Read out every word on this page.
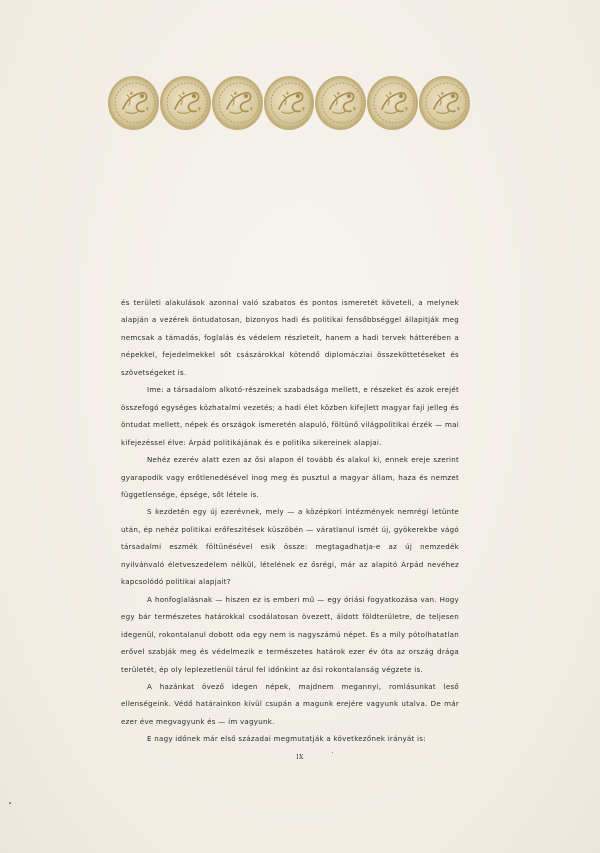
és területi alakulások azonnal való szabatos és pontos ismeretét követeli, a melynek alapján a vezérek öntudatosan, bizonyos hadi és politikai fensőbbséggel állapitják meg nemcsak a támadás, foglalás és védelem részleteit, hanem a hadi tervek hátterében a népekkel, fejedelmekkel sőt császárokkal kötendő diplomácziai összeköttetéseket és szövetségeket is.

Ime: a társadalom alkotó-részeinek szabadsága mellett, e részeket és azok erejét összefogó egységes közhatalmi vezetés; a hadi élet közben kifejlett magyar faji jelleg és öntudat mellett, népek és országok ismeretén alapuló, föltünő világpolitikai érzék — mai kifejezéssel élve: Árpád politikájának és e politika sikereinek alapjai.

Nehéz ezerév alatt ezen az ősi alapon él tovább és alakul ki, ennek ereje szerint gyarapodik vagy erőtlenedésével inog meg és pusztul a magyar állam, haza és nemzet függetlensége, épsége, sőt létele is.

S kezdetén egy új ezerévnek, mely — a középkori intézmények nemrégi letünte után, ép nehéz politikai erőfeszitések küszöbén — váratlanul ismét új, gyökerekbe vágó társadalmi eszmék föltünésével esik össze: megtagadhatja-e az új nemzedék nyilvánvaló életveszedelem nélkül, lételének ez ősrégi, már az alapitó Árpád nevéhez kapcsolódó politikai alapjait?

A honfoglalásnak — hiszen ez is emberi mű — egy óriási fogyatkozása van. Hogy egy bár természetes határokkal csodálatosan övezett, áldott földterületre, de teljesen idegenül, rokontalanul dobott oda egy nem is nagyszámú népet. És a mily pótolhatatlan erővel szabják meg és védelmezik e természetes határok ezer év óta az ország drága területét, ép oly leplezetlenül tárul fel időnkint az ősi rokontalanság végzete is.

A hazánkat övező idegen népek, majdnem megannyi, romlásunkat leső ellenségeink. Védő határainkon kívül csupán a magunk erejére vagyunk utalva. De már ezer éve megvagyunk és — ím vagyunk.

E nagy időnek már első századai megmutatják a következőnek irányát is:

IX
